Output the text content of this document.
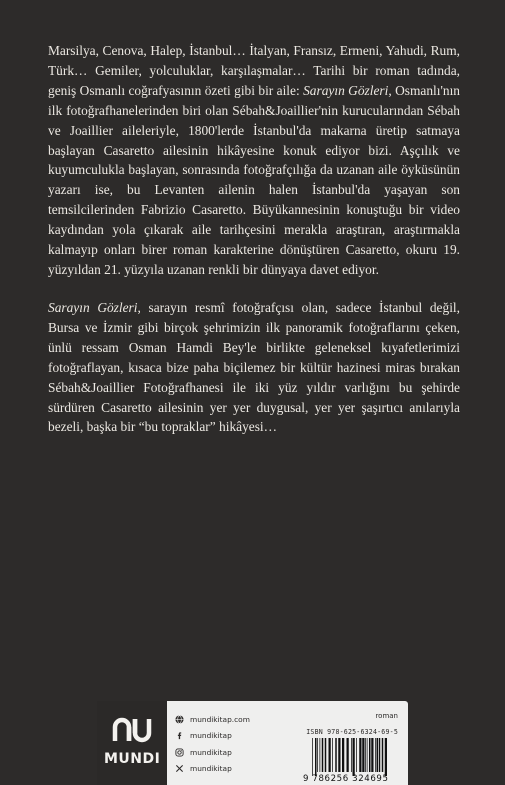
Marsilya, Cenova, Halep, İstanbul… İtalyan, Fransız, Ermeni, Yahudi, Rum, Türk… Gemiler, yolculuklar, karşılaşmalar… Tarihi bir roman tadında, geniş Osmanlı coğrafyasının özeti gibi bir aile: Sarayın Gözleri, Osmanlı'nın ilk fotoğrafhanelerinden biri olan Sébah&Joaillier'nin kurucularından Sébah ve Joaillier aileleriyle, 1800'lerde İstanbul'da makarna üretip satmaya başlayan Casaretto ailesinin hikâyesine konuk ediyor bizi. Aşçılık ve kuyumculukla başlayan, sonrasında fotoğrafçılığa da uzanan aile öyküsünün yazarı ise, bu Levanten ailenin halen İstanbul'da yaşayan son temsilcilerinden Fabrizio Casaretto. Büyükannesinin konuştuğu bir video kaydından yola çıkarak aile tarihçesini merakla araştıran, araştırmakla kalmayıp onları birer roman karakterine dönüştüren Casaretto, okuru 19. yüzyıldan 21. yüzyıla uzanan renkli bir dünyaya davet ediyor.
Sarayın Gözleri, sarayın resmî fotoğrafçısı olan, sadece İstanbul değil, Bursa ve İzmir gibi birçok şehrimizin ilk panoramik fotoğraflarını çeken, ünlü ressam Osman Hamdi Bey'le birlikte geleneksel kıyafetlerimizi fotoğraflayan, kısaca bize paha biçilemez bir kültür hazinesi miras bırakan Sébah&Joaillier Fotoğrafhanesi ile iki yüz yıldır varlığını bu şehirde sürdüren Casaretto ailesinin yer yer duygusal, yer yer şaşırtıcı anılarıyla bezeli, başka bir “bu topraklar” hikâyesi…
MUNDI
mundikitap.com
mundikitap
mundikitap
mundikitap
roman
ISBN 978-625-6324-69-5
9 786256 324695
